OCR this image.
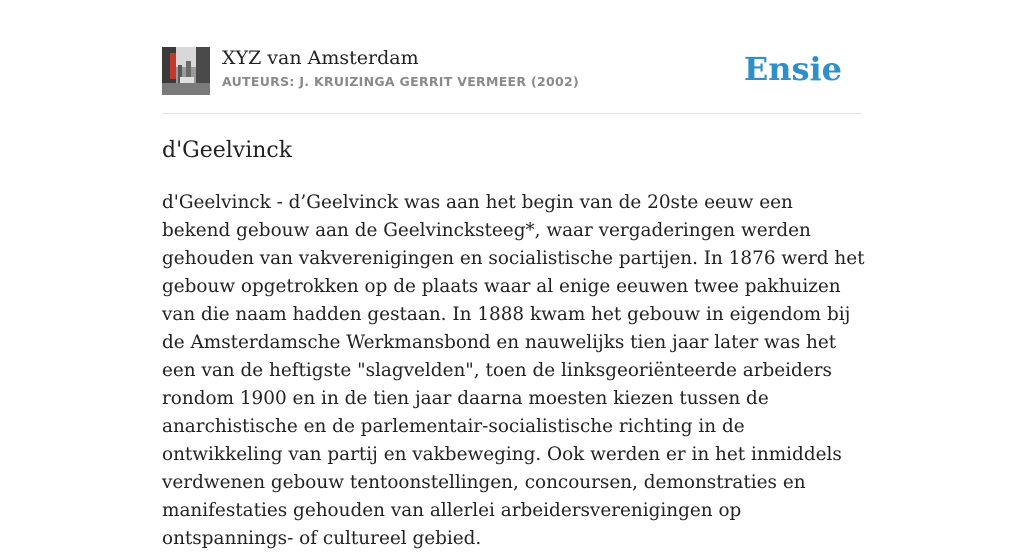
XYZ van Amsterdam
AUTEURS: J. KRUIZINGA GERRIT VERMEER (2002)	Ensie
d'Geelvinck

d'Geelvinck - d’Geelvinck was aan het begin van de 20ste eeuw een bekend gebouw aan de Geelvincksteeg*, waar vergaderingen werden gehouden van vakverenigingen en socialistische partijen. In 1876 werd het gebouw opgetrokken op de plaats waar al enige eeuwen twee pakhuizen van die naam hadden gestaan. In 1888 kwam het gebouw in eigendom bij de Amsterdamsche Werkmansbond en nauwelijks tien jaar later was het een van de heftigste "slagvelden", toen de linksgeoriënteerde arbeiders rondom 1900 en in de tien jaar daarna moesten kiezen tussen de anarchistische en de parlementair-socialistische richting in de ontwikkeling van partij en vakbeweging. Ook werden er in het inmiddels verdwenen gebouw tentoonstellingen, concoursen, demonstraties en manifestaties gehouden van allerlei arbeidersverenigingen op ontspannings- of cultureel gebied.
